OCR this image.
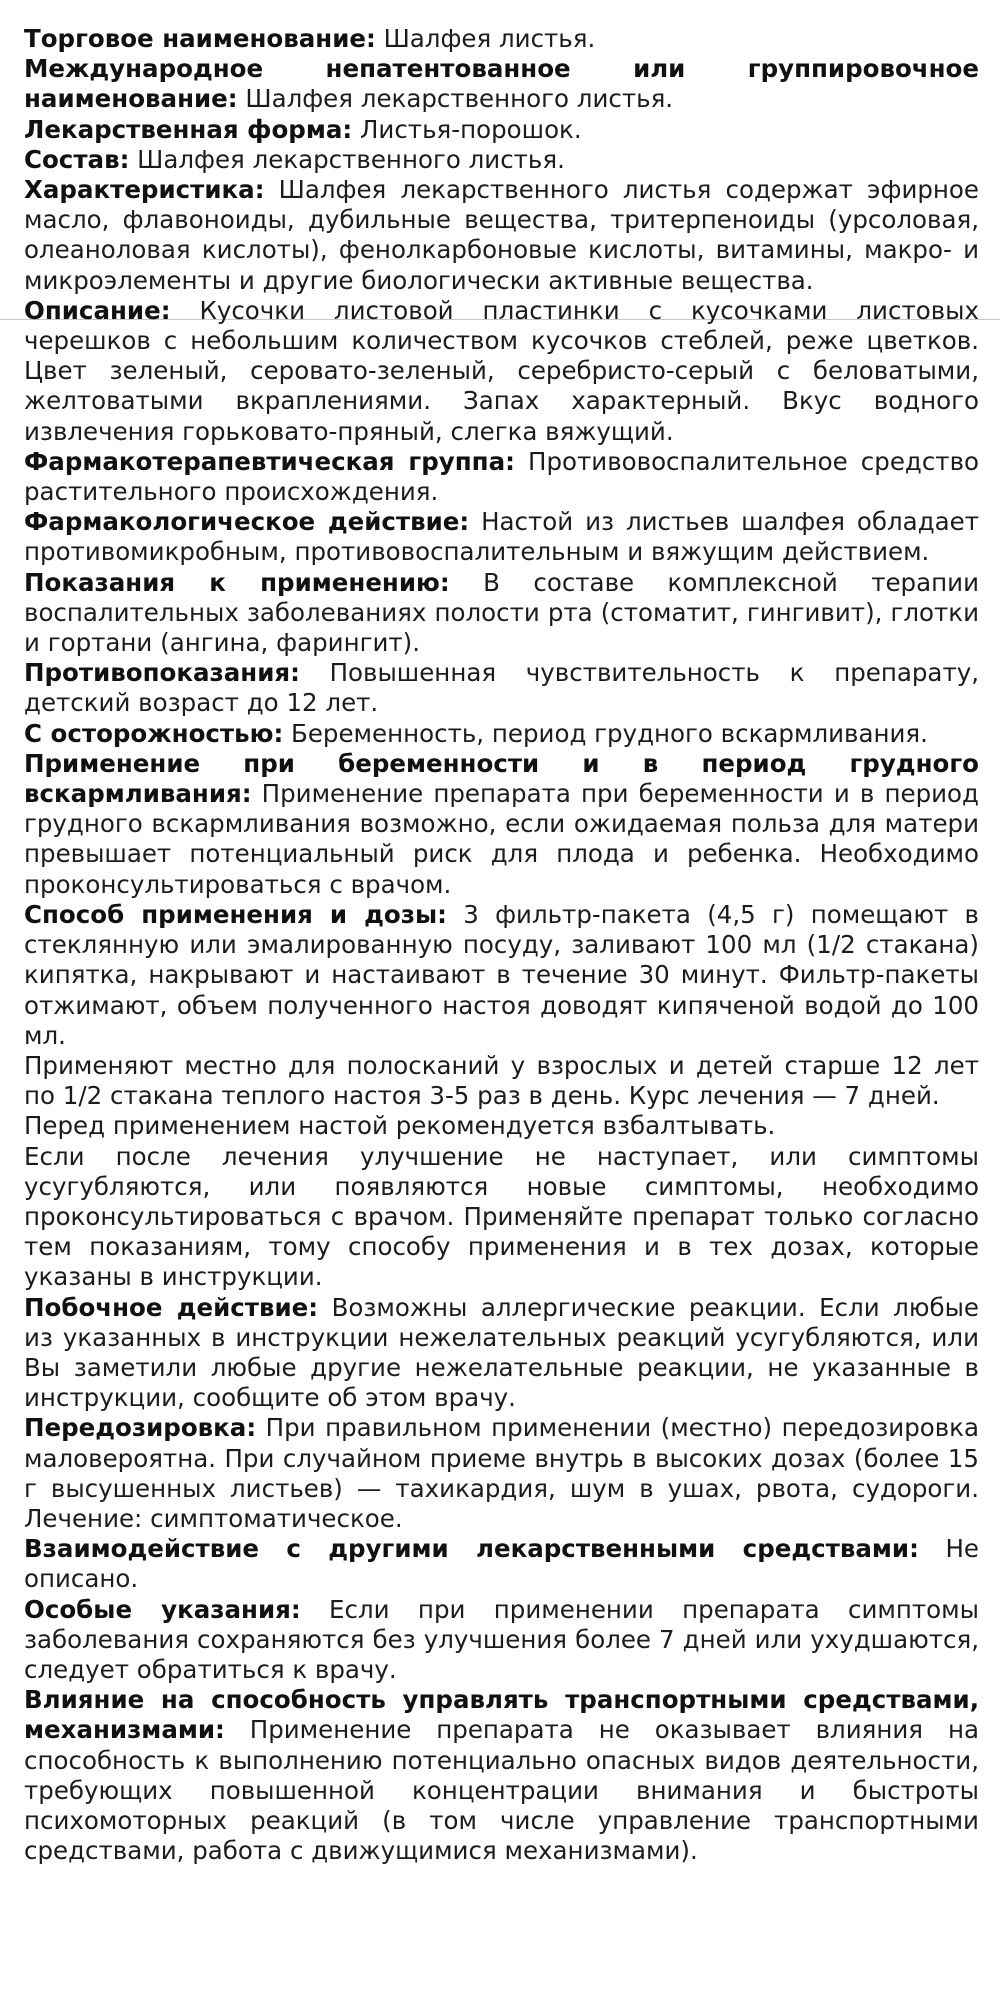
Торговое наименование: Шалфея листья.

Международное непатентованное или группировочное наименование: Шалфея лекарственного листья.

Лекарственная форма: Листья-порошок.

Состав: Шалфея лекарственного листья.

Характеристика: Шалфея лекарственного листья содержат эфирное масло, флавоноиды, дубильные вещества, тритерпеноиды (урсоловая, олеаноловая кислоты), фенолкарбоновые кислоты, витамины, макро- и микроэлементы и другие биологически активные вещества.

Описание: Кусочки листовой пластинки с кусочками листовых черешков с небольшим количеством кусочков стеблей, реже цветков. Цвет зеленый, серовато-зеленый, серебристо-серый с беловатыми, желтоватыми вкраплениями. Запах характерный. Вкус водного извлечения горьковато-пряный, слегка вяжущий.

Фармакотерапевтическая группа: Противовоспалительное средство растительного происхождения.

Фармакологическое действие: Настой из листьев шалфея обладает противомикробным, противовоспалительным и вяжущим действием.

Показания к применению: В составе комплексной терапии воспалительных заболеваниях полости рта (стоматит, гингивит), глотки и гортани (ангина, фарингит).

Противопоказания: Повышенная чувствительность к препарату, детский возраст до 12 лет.

С осторожностью: Беременность, период грудного вскармливания.

Применение при беременности и в период грудного вскармливания: Применение препарата при беременности и в период грудного вскармливания возможно, если ожидаемая польза для матери превышает потенциальный риск для плода и ребенка. Необходимо проконсультироваться с врачом.

Способ применения и дозы: 3 фильтр-пакета (4,5 г) помещают в стеклянную или эмалированную посуду, заливают 100 мл (1/2 стакана) кипятка, накрывают и настаивают в течение 30 минут. Фильтр-пакеты отжимают, объем полученного настоя доводят кипяченой водой до 100 мл.

Применяют местно для полосканий у взрослых и детей старше 12 лет по 1/2 стакана теплого настоя 3-5 раз в день. Курс лечения — 7 дней.

Перед применением настой рекомендуется взбалтывать.

Если после лечения улучшение не наступает, или симптомы усугубляются, или появляются новые симптомы, необходимо проконсультироваться с врачом. Применяйте препарат только согласно тем показаниям, тому способу применения и в тех дозах, которые указаны в инструкции.

Побочное действие: Возможны аллергические реакции. Если любые из указанных в инструкции нежелательных реакций усугубляются, или Вы заметили любые другие нежелательные реакции, не указанные в инструкции, сообщите об этом врачу.

Передозировка: При правильном применении (местно) передозировка маловероятна. При случайном приеме внутрь в высоких дозах (более 15 г высушенных листьев) — тахикардия, шум в ушах, рвота, судороги. Лечение: симптоматическое.

Взаимодействие с другими лекарственными средствами: Не описано.

Особые указания: Если при применении препарата симптомы заболевания сохраняются без улучшения более 7 дней или ухудшаются, следует обратиться к врачу.

Влияние на способность управлять транспортными средствами, механизмами: Применение препарата не оказывает влияния на способность к выполнению потенциально опасных видов деятельности, требующих повышенной концентрации внимания и быстроты психомоторных реакций (в том числе управление транспортными средствами, работа с движущимися механизмами).
